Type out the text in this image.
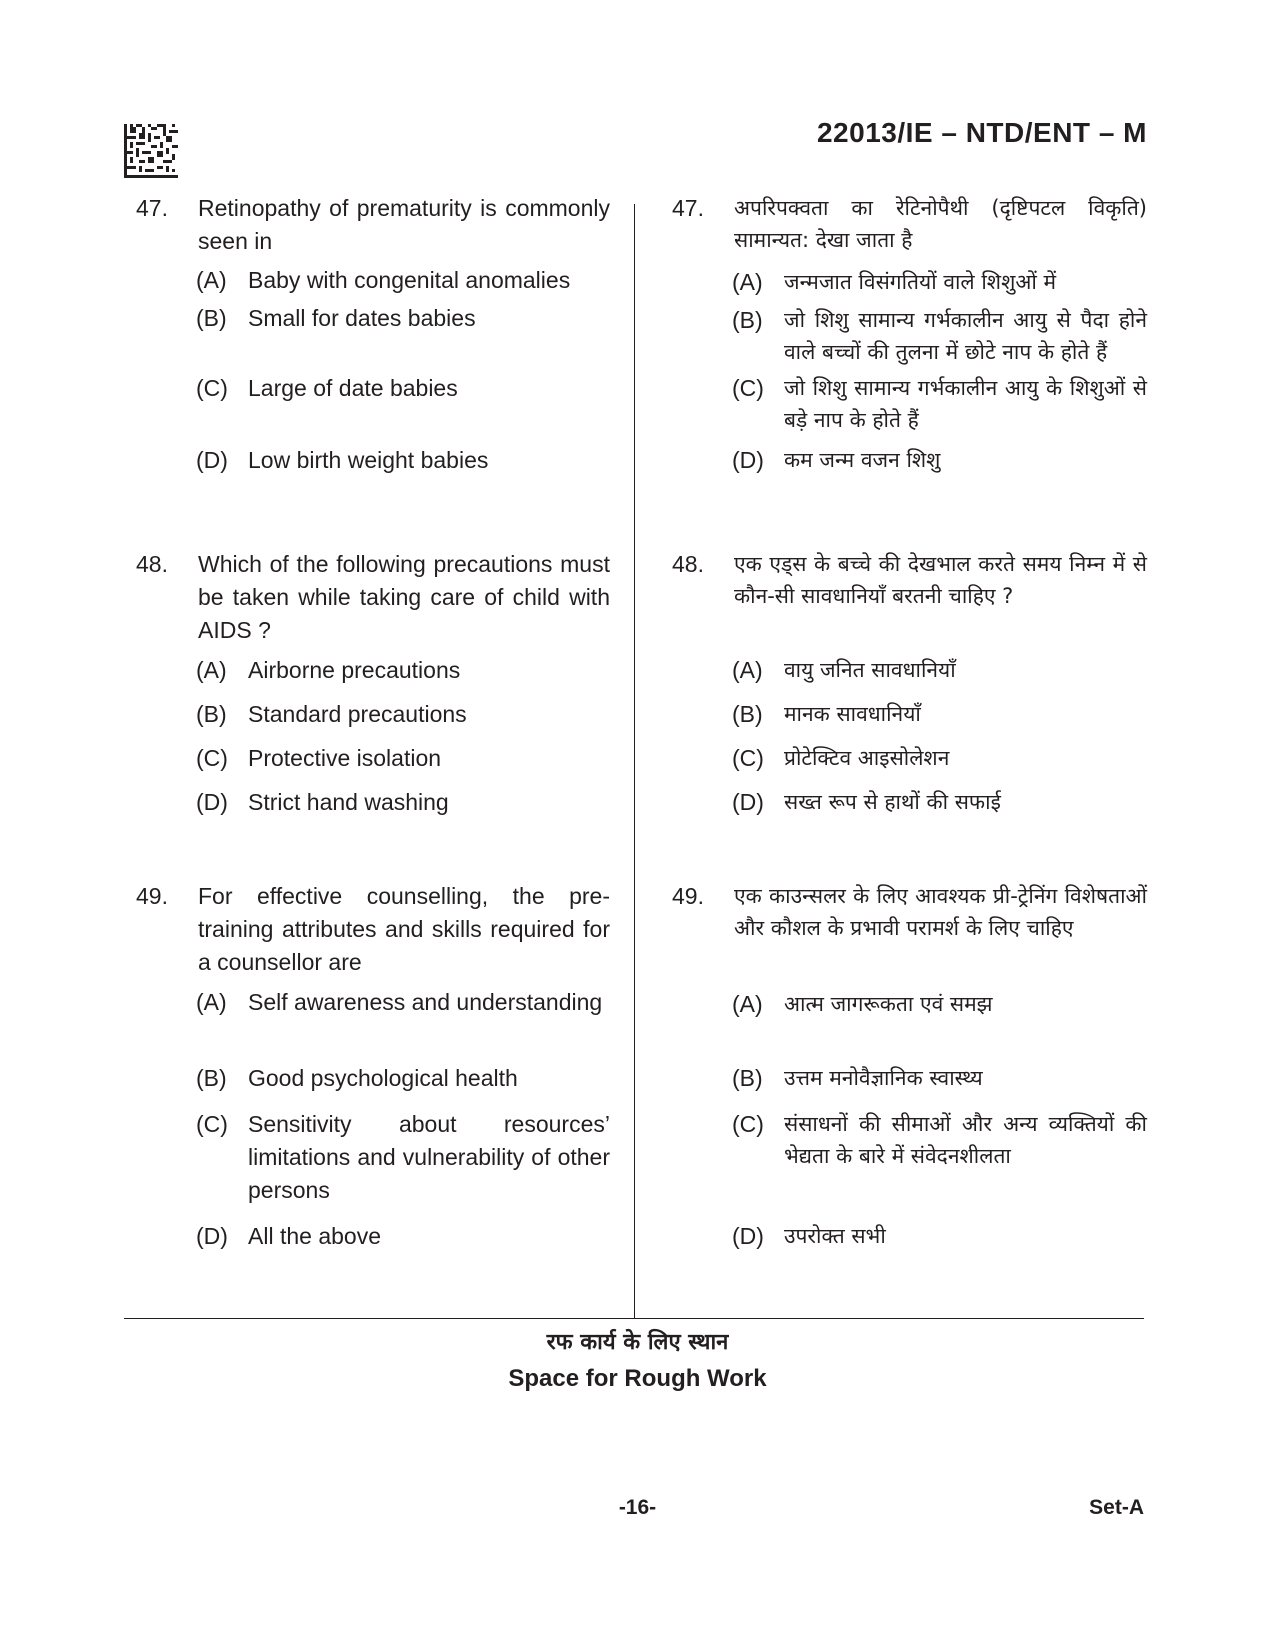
22013/IE – NTD/ENT – M
47. Retinopathy of prematurity is commonly seen in
(A) Baby with congenital anomalies
(B) Small for dates babies
(C) Large of date babies
(D) Low birth weight babies
48. Which of the following precautions must be taken while taking care of child with AIDS ?
(A) Airborne precautions
(B) Standard precautions
(C) Protective isolation
(D) Strict hand washing
49. For effective counselling, the pre-training attributes and skills required for a counsellor are
(A) Self awareness and understanding
(B) Good psychological health
(C) Sensitivity about resources’ limitations and vulnerability of other persons
(D) All the above
47. अपरिपक्वता का रेटिनोपैथी (दृष्टिपटल विकृति) सामान्यत: देखा जाता है
(A) जन्मजात विसंगतियों वाले शिशुओं में
(B) जो शिशु सामान्य गर्भकालीन आयु से पैदा होने वाले बच्चों की तुलना में छोटे नाप के होते हैं
(C) जो शिशु सामान्य गर्भकालीन आयु के शिशुओं से बड़े नाप के होते हैं
(D) कम जन्म वजन शिशु
48. एक एड्स के बच्चे की देखभाल करते समय निम्न में से कौन-सी सावधानियाँ बरतनी चाहिए ?
(A) वायु जनित सावधानियाँ
(B) मानक सावधानियाँ
(C) प्रोटेक्टिव आइसोलेशन
(D) सख्त रूप से हाथों की सफाई
49. एक काउन्सलर के लिए आवश्यक प्री-ट्रेनिंग विशेषताओं और कौशल के प्रभावी परामर्श के लिए चाहिए
(A) आत्म जागरूकता एवं समझ
(B) उत्तम मनोवैज्ञानिक स्वास्थ्य
(C) संसाधनों की सीमाओं और अन्य व्यक्तियों की भेद्यता के बारे में संवेदनशीलता
(D) उपरोक्त सभी
रफ कार्य के लिए स्थान
Space for Rough Work
-16-	Set-A
